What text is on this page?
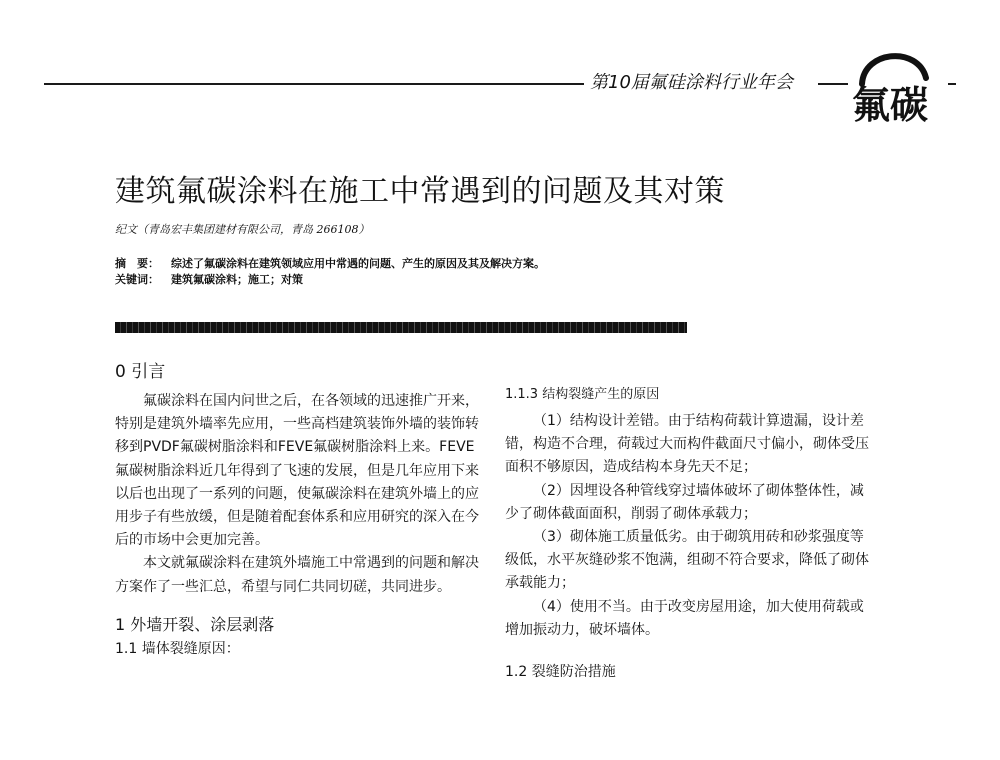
第10届氟硅涂料行业年会
氟碳
建筑氟碳涂料在施工中常遇到的问题及其对策
纪文（青岛宏丰集团建材有限公司，青岛 266108）
摘　要： 综述了氟碳涂料在建筑领域应用中常遇的问题、产生的原因及其及解决方案。
关键词： 建筑氟碳涂料；施工；对策
0 引言

氟碳涂料在国内问世之后，在各领域的迅速推广开来，特别是建筑外墙率先应用，一些高档建筑装饰外墙的装饰转移到PVDF氟碳树脂涂料和FEVE氟碳树脂涂料上来。FEVE氟碳树脂涂料近几年得到了飞速的发展，但是几年应用下来以后也出现了一系列的问题，使氟碳涂料在建筑外墙上的应用步子有些放缓，但是随着配套体系和应用研究的深入在今后的市场中会更加完善。

本文就氟碳涂料在建筑外墙施工中常遇到的问题和解决方案作了一些汇总，希望与同仁共同切磋，共同进步。

1 外墙开裂、涂层剥落
1.1 墙体裂缝原因：
1.1.3 结构裂缝产生的原因

（1）结构设计差错。由于结构荷载计算遗漏，设计差错，构造不合理，荷载过大而构件截面尺寸偏小，砌体受压面积不够原因，造成结构本身先天不足；

（2）因埋设各种管线穿过墙体破坏了砌体整体性，减少了砌体截面面积，削弱了砌体承载力；

（3）砌体施工质量低劣。由于砌筑用砖和砂浆强度等级低，水平灰缝砂浆不饱满，组砌不符合要求，降低了砌体承载能力；

（4）使用不当。由于改变房屋用途，加大使用荷载或增加振动力，破坏墙体。

1.2 裂缝防治措施
